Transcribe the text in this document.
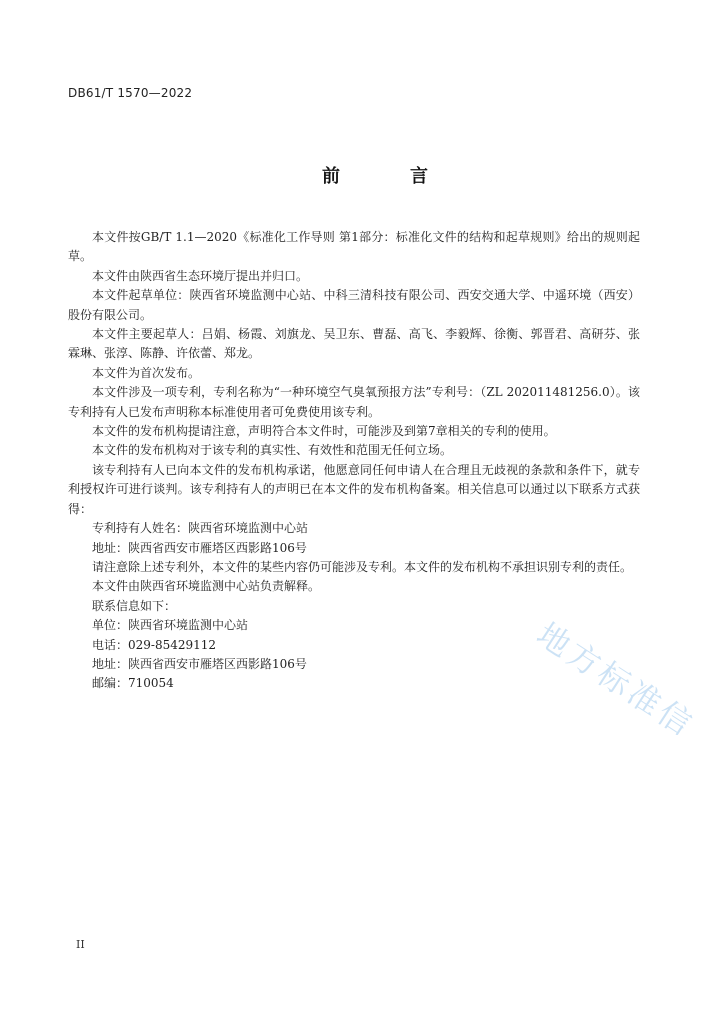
DB61/T 1570—2022
前　言

本文件按GB/T 1.1—2020《标准化工作导则 第1部分：标准化文件的结构和起草规则》给出的规则起草。

本文件由陕西省生态环境厅提出并归口。

本文件起草单位：陕西省环境监测中心站、中科三清科技有限公司、西安交通大学、中遥环境（西安）股份有限公司。

本文件主要起草人：吕娟、杨霞、刘旗龙、吴卫东、曹磊、高飞、李毅辉、徐衡、郭晋君、高研芬、张霖琳、张淳、陈静、许依蕾、郑龙。

本文件为首次发布。

本文件涉及一项专利，专利名称为“一种环境空气臭氧预报方法”专利号：（ZL 202011481256.0）。该专利持有人已发布声明称本标准使用者可免费使用该专利。

本文件的发布机构提请注意，声明符合本文件时，可能涉及到第7章相关的专利的使用。

本文件的发布机构对于该专利的真实性、有效性和范围无任何立场。

该专利持有人已向本文件的发布机构承诺，他愿意同任何申请人在合理且无歧视的条款和条件下，就专利授权许可进行谈判。该专利持有人的声明已在本文件的发布机构备案。相关信息可以通过以下联系方式获得：

专利持有人姓名：陕西省环境监测中心站

地址：陕西省西安市雁塔区西影路106号

请注意除上述专利外，本文件的某些内容仍可能涉及专利。本文件的发布机构不承担识别专利的责任。

本文件由陕西省环境监测中心站负责解释。

联系信息如下：

单位：陕西省环境监测中心站

电话：029-85429112

地址：陕西省西安市雁塔区西影路106号

邮编：710054	地方标准信
II
